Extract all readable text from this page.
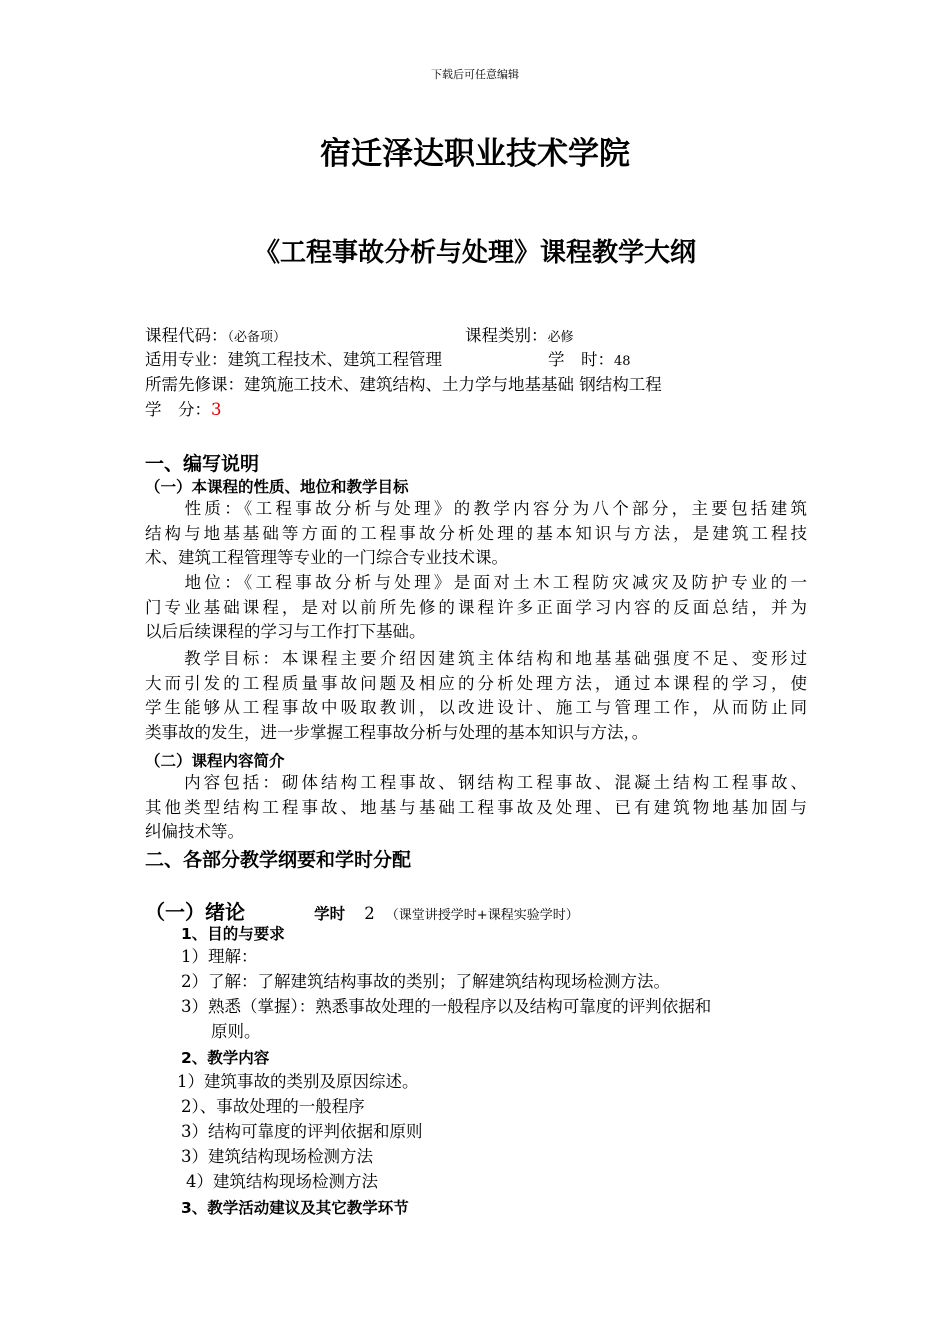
下载后可任意编辑
宿迁泽达职业技术学院
《工程事故分析与处理》课程教学大纲
课程代码：（必备项）	课程类别：必修
适用专业：建筑工程技术、建筑工程管理	学　时：48
所需先修课：建筑施工技术、建筑结构、土力学与地基基础 钢结构工程
学　分：3
一、编写说明
（一）本课程的性质、地位和教学目标
　　性质：《工程事故分析与处理》的教学内容分为八个部分，主要包括建筑
结构与地基基础等方面的工程事故分析处理的基本知识与方法，是建筑工程技
术、建筑工程管理等专业的一门综合专业技术课。
　　地位：《工程事故分析与处理》是面对土木工程防灾减灾及防护专业的一
门专业基础课程，是对以前所先修的课程许多正面学习内容的反面总结，并为
以后后续课程的学习与工作打下基础。
　　教学目标：本课程主要介绍因建筑主体结构和地基基础强度不足、变形过
大而引发的工程质量事故问题及相应的分析处理方法，通过本课程的学习，使
学生能够从工程事故中吸取教训，以改进设计、施工与管理工作，从而防止同
类事故的发生，进一步掌握工程事故分析与处理的基本知识与方法，。
（二）课程内容简介
　　内容包括：砌体结构工程事故、钢结构工程事故、混凝土结构工程事故、
其他类型结构工程事故、地基与基础工程事故及处理、已有建筑物地基加固与
纠偏技术等。
二、各部分教学纲要和学时分配
（一）绪论	学时 2 （课堂讲授学时+课程实验学时）
1、目的与要求
1）理解：
2）了解：了解建筑结构事故的类别；了解建筑结构现场检测方法。
3）熟悉（掌握）：熟悉事故处理的一般程序以及结构可靠度的评判依据和
原则。
2、教学内容
1）建筑事故的类别及原因综述。
2）、事故处理的一般程序
3）结构可靠度的评判依据和原则
3）建筑结构现场检测方法
4）建筑结构现场检测方法
3、教学活动建议及其它教学环节
